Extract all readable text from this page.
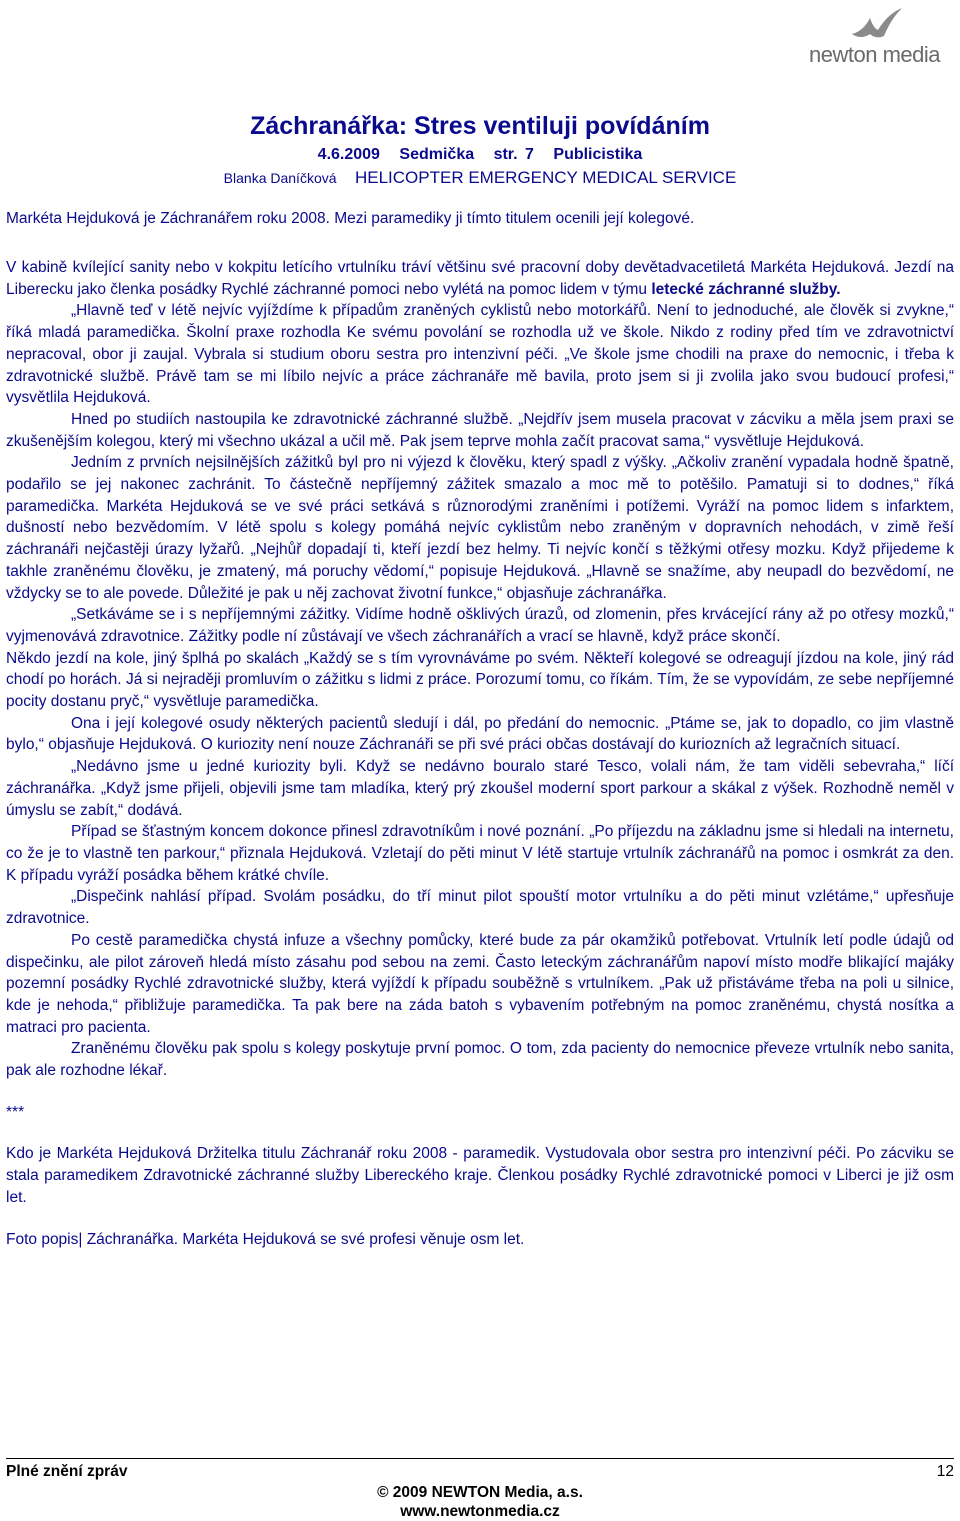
newton media
Záchranářka: Stres ventiluji povídáním
4.6.2009 Sedmička str. 7 Publicistika
Blanka Daníčková HELICOPTER EMERGENCY MEDICAL SERVICE
Markéta Hejduková je Záchranářem roku 2008. Mezi paramediky ji tímto titulem ocenili její kolegové.

V kabině kvílející sanity nebo v kokpitu letícího vrtulníku tráví většinu své pracovní doby devětadvacetiletá Markéta Hejduková. Jezdí na Liberecku jako členka posádky Rychlé záchranné pomoci nebo vylétá na pomoc lidem v týmu letecké záchranné služby.

„Hlavně teď v létě nejvíc vyjíždíme k případům zraněných cyklistů nebo motorkářů. Není to jednoduché, ale člověk si zvykne,“ říká mladá paramedička. Školní praxe rozhodla Ke svému povolání se rozhodla už ve škole. Nikdo z rodiny před tím ve zdravotnictví nepracoval, obor ji zaujal. Vybrala si studium oboru sestra pro intenzivní péči. „Ve škole jsme chodili na praxe do nemocnic, i třeba k zdravotnické službě. Právě tam se mi líbilo nejvíc a práce záchranáře mě bavila, proto jsem si ji zvolila jako svou budoucí profesi,“ vysvětlila Hejduková.

Hned po studiích nastoupila ke zdravotnické záchranné službě. „Nejdřív jsem musela pracovat v zácviku a měla jsem praxi se zkušenějším kolegou, který mi všechno ukázal a učil mě. Pak jsem teprve mohla začít pracovat sama,“ vysvětluje Hejduková.

Jedním z prvních nejsilnějších zážitků byl pro ni výjezd k člověku, který spadl z výšky. „Ačkoliv zranění vypadala hodně špatně, podařilo se jej nakonec zachránit. To částečně nepříjemný zážitek smazalo a moc mě to potěšilo. Pamatuji si to dodnes,“ říká paramedička. Markéta Hejduková se ve své práci setkává s různorodými zraněními i potížemi. Vyráží na pomoc lidem s infarktem, dušností nebo bezvědomím. V létě spolu s kolegy pomáhá nejvíc cyklistům nebo zraněným v dopravních nehodách, v zimě řeší záchranáři nejčastěji úrazy lyžařů. „Nejhůř dopadají ti, kteří jezdí bez helmy. Ti nejvíc končí s těžkými otřesy mozku. Když přijedeme k takhle zraněnému člověku, je zmatený, má poruchy vědomí,“ popisuje Hejduková. „Hlavně se snažíme, aby neupadl do bezvědomí, ne vždycky se to ale povede. Důležité je pak u něj zachovat životní funkce,“ objasňuje záchranářka.

„Setkáváme se i s nepříjemnými zážitky. Vidíme hodně ošklivých úrazů, od zlomenin, přes krvácející rány až po otřesy mozků,“ vyjmenovává zdravotnice. Zážitky podle ní zůstávají ve všech záchranářích a vrací se hlavně, když práce skončí.

Někdo jezdí na kole, jiný šplhá po skalách „Každý se s tím vyrovnáváme po svém. Někteří kolegové se odreagují jízdou na kole, jiný rád chodí po horách. Já si nejraději promluvím o zážitku s lidmi z práce. Porozumí tomu, co říkám. Tím, že se vypovídám, ze sebe nepříjemné pocity dostanu pryč,“ vysvětluje paramedička.

Ona i její kolegové osudy některých pacientů sledují i dál, po předání do nemocnic. „Ptáme se, jak to dopadlo, co jim vlastně bylo,“ objasňuje Hejduková. O kuriozity není nouze Záchranáři se při své práci občas dostávají do kuriozních až legračních situací.

„Nedávno jsme u jedné kuriozity byli. Když se nedávno bouralo staré Tesco, volali nám, že tam viděli sebevraha,“ líčí záchranářka. „Když jsme přijeli, objevili jsme tam mladíka, který prý zkoušel moderní sport parkour a skákal z výšek. Rozhodně neměl v úmyslu se zabít,“ dodává.

Případ se šťastným koncem dokonce přinesl zdravotníkům i nové poznání. „Po příjezdu na základnu jsme si hledali na internetu, co že je to vlastně ten parkour,“ přiznala Hejduková. Vzletají do pěti minut V létě startuje vrtulník záchranářů na pomoc i osmkrát za den. K případu vyráží posádka během krátké chvíle.

„Dispečink nahlásí případ. Svolám posádku, do tří minut pilot spouští motor vrtulníku a do pěti minut vzlétáme,“ upřesňuje zdravotnice.

Po cestě paramedička chystá infuze a všechny pomůcky, které bude za pár okamžiků potřebovat. Vrtulník letí podle údajů od dispečinku, ale pilot zároveň hledá místo zásahu pod sebou na zemi. Často leteckým záchranářům napoví místo modře blikající majáky pozemní posádky Rychlé zdravotnické služby, která vyjíždí k případu souběžně s vrtulníkem. „Pak už přistáváme třeba na poli u silnice, kde je nehoda,“ přibližuje paramedička. Ta pak bere na záda batoh s vybavením potřebným na pomoc zraněnému, chystá nosítka a matraci pro pacienta.

Zraněnému člověku pak spolu s kolegy poskytuje první pomoc. O tom, zda pacienty do nemocnice převeze vrtulník nebo sanita, pak ale rozhodne lékař.

***

Kdo je Markéta Hejduková Držitelka titulu Záchranář roku 2008 - paramedik. Vystudovala obor sestra pro intenzivní péči. Po zácviku se stala paramedikem Zdravotnické záchranné služby Libereckého kraje. Členkou posádky Rychlé zdravotnické pomoci v Liberci je již osm let.

Foto popis| Záchranářka. Markéta Hejduková se své profesi věnuje osm let.

Plné znění zpráv	12
© 2009 NEWTON Media, a.s.
www.newtonmedia.cz
